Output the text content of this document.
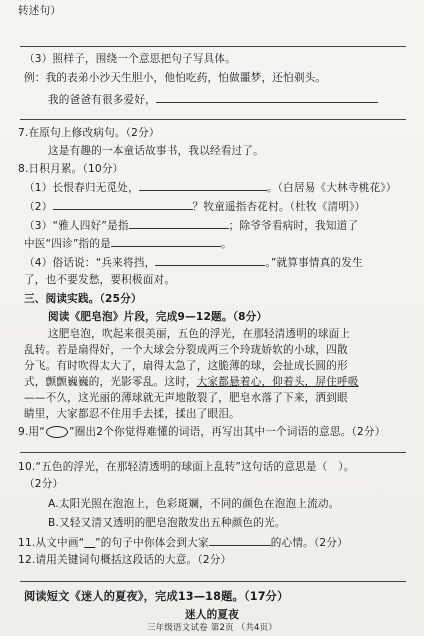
转述句）
（3）照样子，围绕一个意思把句子写具体。
例：我的表弟小沙天生胆小，他怕吃药，怕做噩梦，还怕剃头。
我的爸爸有很多爱好，
7.在原句上修改病句。（2分）
这是有趣的一本童话故事书，我以经看过了。
8.日积月累。（10分）
（1）长恨春归无觅处，	。（白居易《大林寺桃花》）
（2）	？牧童遥指杏花村。（杜牧《清明》）
（3）“雅人四好”是指	；除爷爷看病时，我知道了
中医“四诊”指的是	。
（4）俗话说：“兵来将挡，	。”就算事情真的发生
了，也不要发愁，要积极面对。
三、阅读实践。（25分）
阅读《肥皂泡》片段，完成9—12题。（8分）
这肥皂泡，吹起来很美丽，五色的浮光，在那轻清透明的球面上
乱转。若是扇得好，一个大球会分裂成两三个玲珑娇软的小球，四散
分飞。有时吹得太大了，扇得太急了，这脆薄的球，会扯成长圆的形
式，颤颤巍巍的，光影零乱。这时，大家都悬着心，仰着头，屏住呼吸
——不久，这光丽的薄球就无声地散裂了，肥皂水落了下来，洒到眼
睛里，大家都忍不住用手去揉，揉出了眼泪。
9.用“ ”圈出2个你觉得难懂的词语，再写出其中一个词语的意思。（2分）
10.“五色的浮光，在那轻清透明的球面上乱转”这句话的意思是（　）。
（2分）
A.太阳光照在泡泡上，色彩斑斓，不同的颜色在泡泡上流动。
B.又轻又清又透明的肥皂泡散发出五种颜色的光。
11.从文中画“　 ”的句子中你体会到大家	的心情。（2分）
12.请用关键词句概括这段话的大意。（2分）
阅读短文《迷人的夏夜》，完成13—18题。（17分）
迷人的夏夜
三年级语文试卷 第2页 （共4页）
